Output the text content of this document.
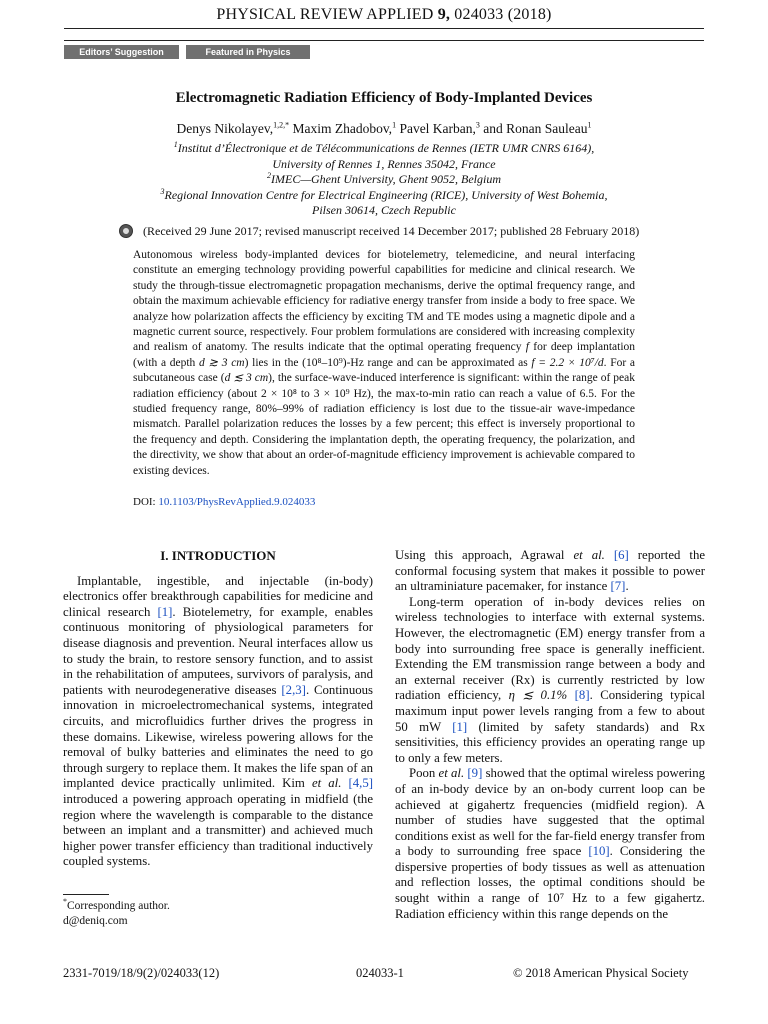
PHYSICAL REVIEW APPLIED 9, 024033 (2018)
Editors’ Suggestion	Featured in Physics
Electromagnetic Radiation Efficiency of Body-Implanted Devices
Denys Nikolayev,$^{1,2,*}$ Maxim Zhadobov,$^1$ Pavel Karban,$^3$ and Ronan Sauleau$^1$
$^1$Institut d’Électronique et de Télécommunications de Rennes (IETR UMR CNRS 6164),
University of Rennes 1, Rennes 35042, France
$^2$IMEC—Ghent University, Ghent 9052, Belgium
$^3$Regional Innovation Centre for Electrical Engineering (RICE), University of West Bohemia,
Pilsen 30614, Czech Republic
(Received 29 June 2017; revised manuscript received 14 December 2017; published 28 February 2018)
Autonomous wireless body-implanted devices for biotelemetry, telemedicine, and neural interfacing constitute an emerging technology providing powerful capabilities for medicine and clinical research. We study the through-tissue electromagnetic propagation mechanisms, derive the optimal frequency range, and obtain the maximum achievable efficiency for radiative energy transfer from inside a body to free space. We analyze how polarization affects the efficiency by exciting TM and TE modes using a magnetic dipole and a magnetic current source, respectively. Four problem formulations are considered with increasing complexity and realism of anatomy. The results indicate that the optimal operating frequency f for deep implantation (with a depth d ≳ 3 cm) lies in the (10⁸–10⁹)-Hz range and can be approximated as f = 2.2 × 10⁷/d. For a subcutaneous case (d ≲ 3 cm), the surface-wave-induced interference is significant: within the range of peak radiation efficiency (about 2 × 10⁸ to 3 × 10⁹ Hz), the max-to-min ratio can reach a value of 6.5. For the studied frequency range, 80%–99% of radiation efficiency is lost due to the tissue-air wave-impedance mismatch. Parallel polarization reduces the losses by a few percent; this effect is inversely proportional to the frequency and depth. Considering the implantation depth, the operating frequency, the polarization, and the directivity, we show that about an order-of-magnitude efficiency improvement is achievable compared to existing devices.
DOI: 10.1103/PhysRevApplied.9.024033
I. INTRODUCTION

Implantable, ingestible, and injectable (in-body) electronics offer breakthrough capabilities for medicine and clinical research [1]. Biotelemetry, for example, enables continuous monitoring of physiological parameters for disease diagnosis and prevention. Neural interfaces allow us to study the brain, to restore sensory function, and to assist in the rehabilitation of amputees, survivors of paralysis, and patients with neurodegenerative diseases [2,3]. Continuous innovation in microelectromechanical systems, integrated circuits, and microfluidics further drives the progress in these domains. Likewise, wireless powering allows for the removal of bulky batteries and eliminates the need to go through surgery to replace them. It makes the life span of an implanted device practically unlimited. Kim et al. [4,5] introduced a powering approach operating in midfield (the region where the wavelength is comparable to the distance between an implant and a transmitter) and achieved much higher power transfer efficiency than traditional inductively coupled systems.

Using this approach, Agrawal et al. [6] reported the conformal focusing system that makes it possible to power an ultraminiature pacemaker, for instance [7].

Long-term operation of in-body devices relies on wireless technologies to interface with external systems. However, the electromagnetic (EM) energy transfer from a body into surrounding free space is generally inefficient. Extending the EM transmission range between a body and an external receiver (Rx) is currently restricted by low radiation efficiency, η ≲ 0.1% [8]. Considering typical maximum input power levels ranging from a few to about 50 mW [1] (limited by safety standards) and Rx sensitivities, this efficiency provides an operating range up to only a few meters.

Poon et al. [9] showed that the optimal wireless powering of an in-body device by an on-body current loop can be achieved at gigahertz frequencies (midfield region). A number of studies have suggested that the optimal conditions exist as well for the far-field energy transfer from a body to surrounding free space [10]. Considering the dispersive properties of body tissues as well as attenuation and reflection losses, the optimal conditions should be sought within a range of 10⁷ Hz to a few gigahertz. Radiation efficiency within this range depends on the

*Corresponding author.
d@deniq.com
2331-7019/18/9(2)/024033(12)	024033-1	© 2018 American Physical Society
